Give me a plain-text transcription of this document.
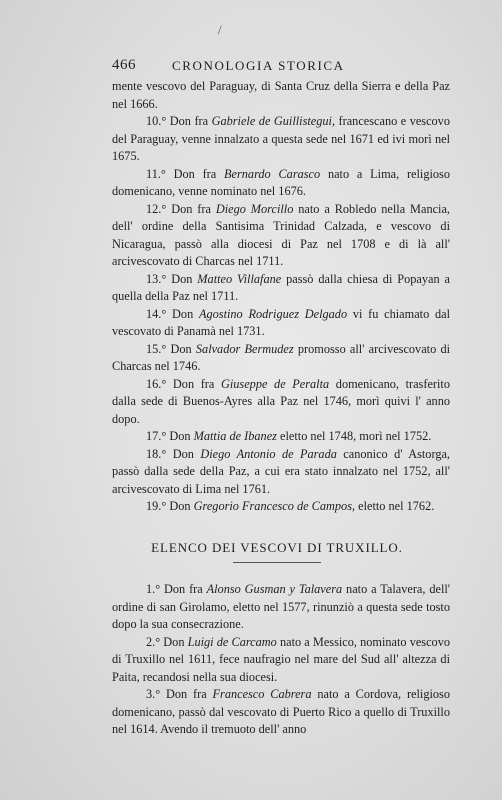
/
466	CRONOLOGIA STORICA

mente vescovo del Paraguay, di Santa Cruz della Sierra e della Paz nel 1666.

10.° Don fra Gabriele de Guillistegui, francescano e vescovo del Paraguay, venne innalzato a questa sede nel 1671 ed ivi morì nel 1675.

11.° Don fra Bernardo Carasco nato a Lima, religioso domenicano, venne nominato nel 1676.

12.° Don fra Diego Morcillo nato a Robledo nella Mancia, dell' ordine della Santisima Trinidad Calzada, e vescovo di Nicaragua, passò alla diocesi di Paz nel 1708 e di là all' arcivescovato di Charcas nel 1711.

13.° Don Matteo Villafane passò dalla chiesa di Popayan a quella della Paz nel 1711.

14.° Don Agostino Rodriguez Delgado vi fu chiamato dal vescovato di Panamà nel 1731.

15.° Don Salvador Bermudez promosso all' arcivescovato di Charcas nel 1746.

16.° Don fra Giuseppe de Peralta domenicano, trasferito dalla sede di Buenos-Ayres alla Paz nel 1746, morì quivi l' anno dopo.

17.° Don Mattia de Ibanez eletto nel 1748, morì nel 1752.

18.° Don Diego Antonio de Parada canonico d' Astorga, passò dalla sede della Paz, a cui era stato innalzato nel 1752, all' arcivescovato di Lima nel 1761.

19.° Don Gregorio Francesco de Campos, eletto nel 1762.

ELENCO DEI VESCOVI DI TRUXILLO.

1.° Don fra Alonso Gusman y Talavera nato a Talavera, dell' ordine di san Girolamo, eletto nel 1577, rinunziò a questa sede tosto dopo la sua consecrazione.

2.° Don Luigi de Carcamo nato a Messico, nominato vescovo di Truxillo nel 1611, fece naufragio nel mare del Sud all' altezza di Paita, recandosi nella sua diocesi.

3.° Don fra Francesco Cabrera nato a Cordova, religioso domenicano, passò dal vescovato di Puerto Rico a quello di Truxillo nel 1614. Avendo il tremuoto dell' anno
